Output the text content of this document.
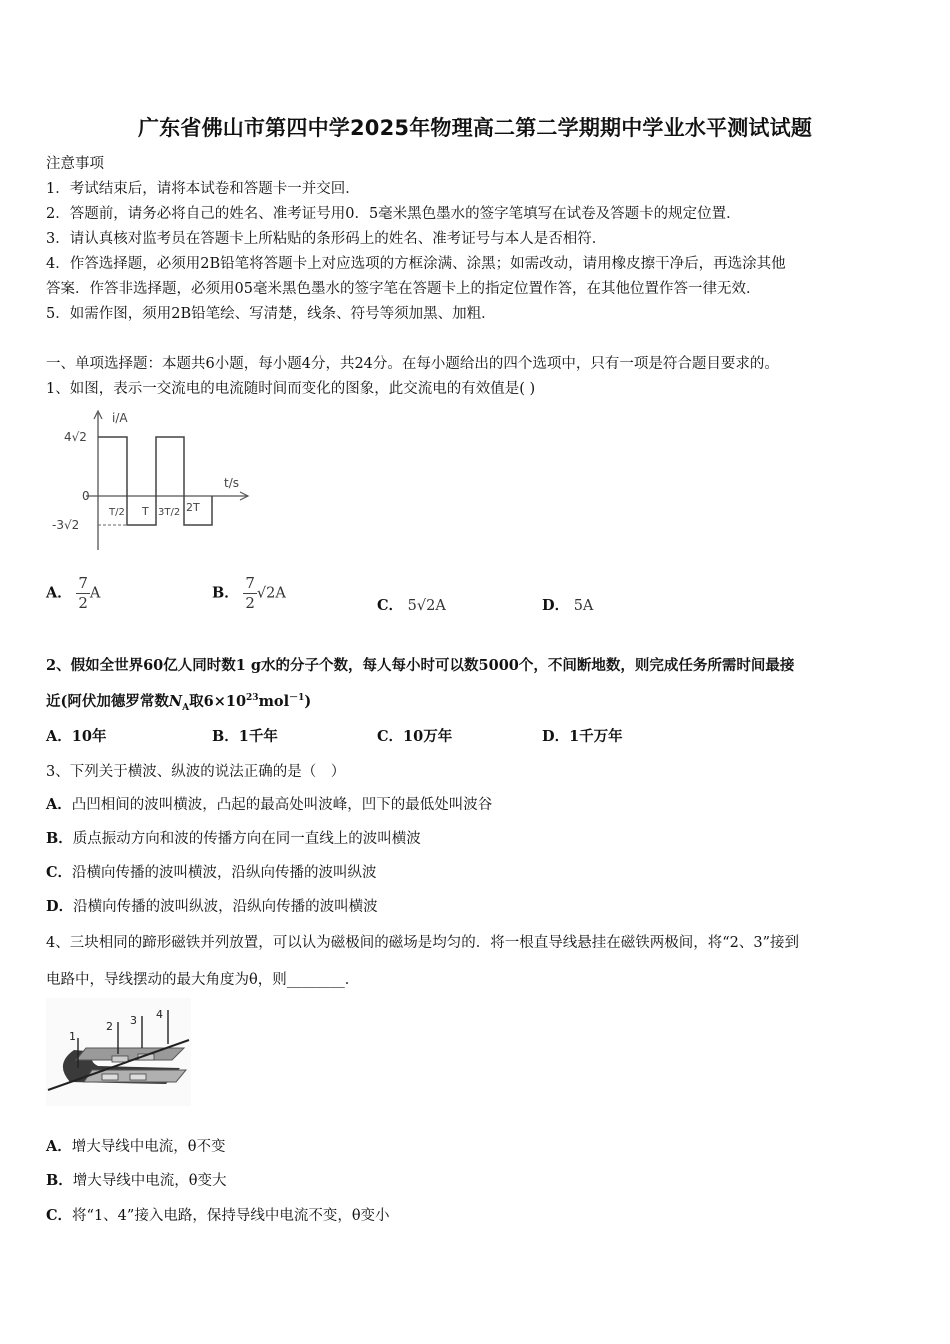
广东省佛山市第四中学2025年物理高二第二学期期中学业水平测试试题
注意事项
1．考试结束后，请将本试卷和答题卡一并交回．
2．答题前，请务必将自己的姓名、准考证号用0．5毫米黑色墨水的签字笔填写在试卷及答题卡的规定位置．
3．请认真核对监考员在答题卡上所粘贴的条形码上的姓名、准考证号与本人是否相符．
4．作答选择题，必须用2B铅笔将答题卡上对应选项的方框涂满、涂黑；如需改动，请用橡皮擦干净后，再选涂其他
答案．作答非选择题，必须用05毫米黑色墨水的签字笔在答题卡上的指定位置作答，在其他位置作答一律无效．
5．如需作图，须用2B铅笔绘、写清楚，线条、符号等须加黑、加粗．
一、单项选择题：本题共6小题，每小题4分，共24分。在每小题给出的四个选项中，只有一项是符合题目要求的。
1、如图，表示一交流电的电流随时间而变化的图象，此交流电的有效值是( )
i/A
t/s
0
4√2
-3√2
T/2 T 3T/2 2T
A． $\frac{7}{2}$ A	B． $\frac{7}{2} √2A$
C． 5√2A	D． 5A
2、假如全世界60亿人同时数1 g水的分子个数，每人每小时可以数5000个，不间断地数，则完成任务所需时间最接
近(阿伏加德罗常数$N_A$取$6\times 10^{23}mol^{-1}$)
A．10年	B．1千年	C．10万年	D．1千万年
3、下列关于横波、纵波的说法正确的是（　）
A．凸凹相间的波叫横波，凸起的最高处叫波峰，凹下的最低处叫波谷
B．质点振动方向和波的传播方向在同一直线上的波叫横波
C．沿横向传播的波叫横波，沿纵向传播的波叫纵波
D．沿横向传播的波叫纵波，沿纵向传播的波叫横波
4、三块相同的蹄形磁铁并列放置，可以认为磁极间的磁场是均匀的．将一根直导线悬挂在磁铁两极间，将“2、3”接到
电路中，导线摆动的最大角度为θ，则________．
1
2 3 4
A．增大导线中电流，θ不变
B．增大导线中电流，θ变大
C．将“1、4”接入电路，保持导线中电流不变，θ变小
